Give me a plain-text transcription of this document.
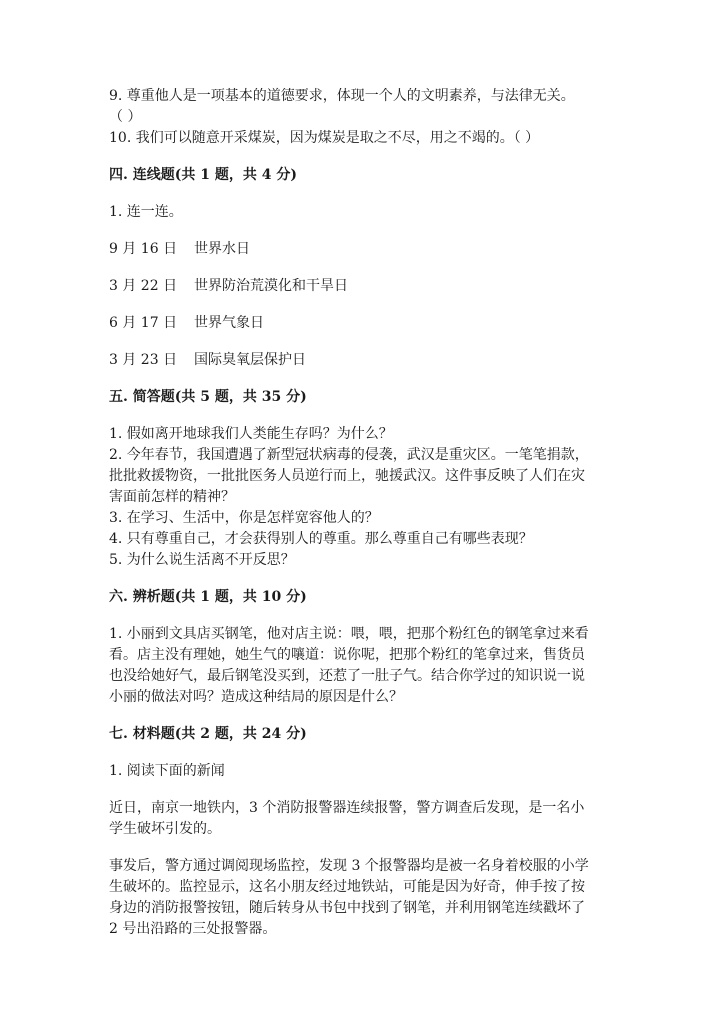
9. 尊重他人是一项基本的道德要求，体现一个人的文明素养，与法律无关。
（ ）
10. 我们可以随意开采煤炭，因为煤炭是取之不尽，用之不竭的。（ ）
四. 连线题(共 1 题，共 4 分)
1. 连一连。
9 月 16 日	世界水日
3 月 22 日	世界防治荒漠化和干旱日
6 月 17 日	世界气象日
3 月 23 日	国际臭氧层保护日
五. 简答题(共 5 题，共 35 分)
1. 假如离开地球我们人类能生存吗？为什么？
2. 今年春节，我国遭遇了新型冠状病毒的侵袭，武汉是重灾区。一笔笔捐款，
批批救援物资，一批批医务人员逆行而上，驰援武汉。这件事反映了人们在灾
害面前怎样的精神？
3. 在学习、生活中，你是怎样宽容他人的？
4. 只有尊重自己，才会获得别人的尊重。那么尊重自己有哪些表现？
5. 为什么说生活离不开反思？
六. 辨析题(共 1 题，共 10 分)
1. 小丽到文具店买钢笔，他对店主说：喂，喂，把那个粉红色的钢笔拿过来看
看。店主没有理她，她生气的嚷道：说你呢，把那个粉红的笔拿过来，售货员
也没给她好气，最后钢笔没买到，还惹了一肚子气。结合你学过的知识说一说
小丽的做法对吗？造成这种结局的原因是什么？
七. 材料题(共 2 题，共 24 分)
1. 阅读下面的新闻
近日，南京一地铁内，3 个消防报警器连续报警，警方调查后发现，是一名小
学生破坏引发的。
事发后，警方通过调阅现场监控，发现 3 个报警器均是被一名身着校服的小学
生破坏的。监控显示，这名小朋友经过地铁站，可能是因为好奇，伸手按了按
身边的消防报警按钮，随后转身从书包中找到了钢笔，并利用钢笔连续戳坏了
2 号出沿路的三处报警器。
